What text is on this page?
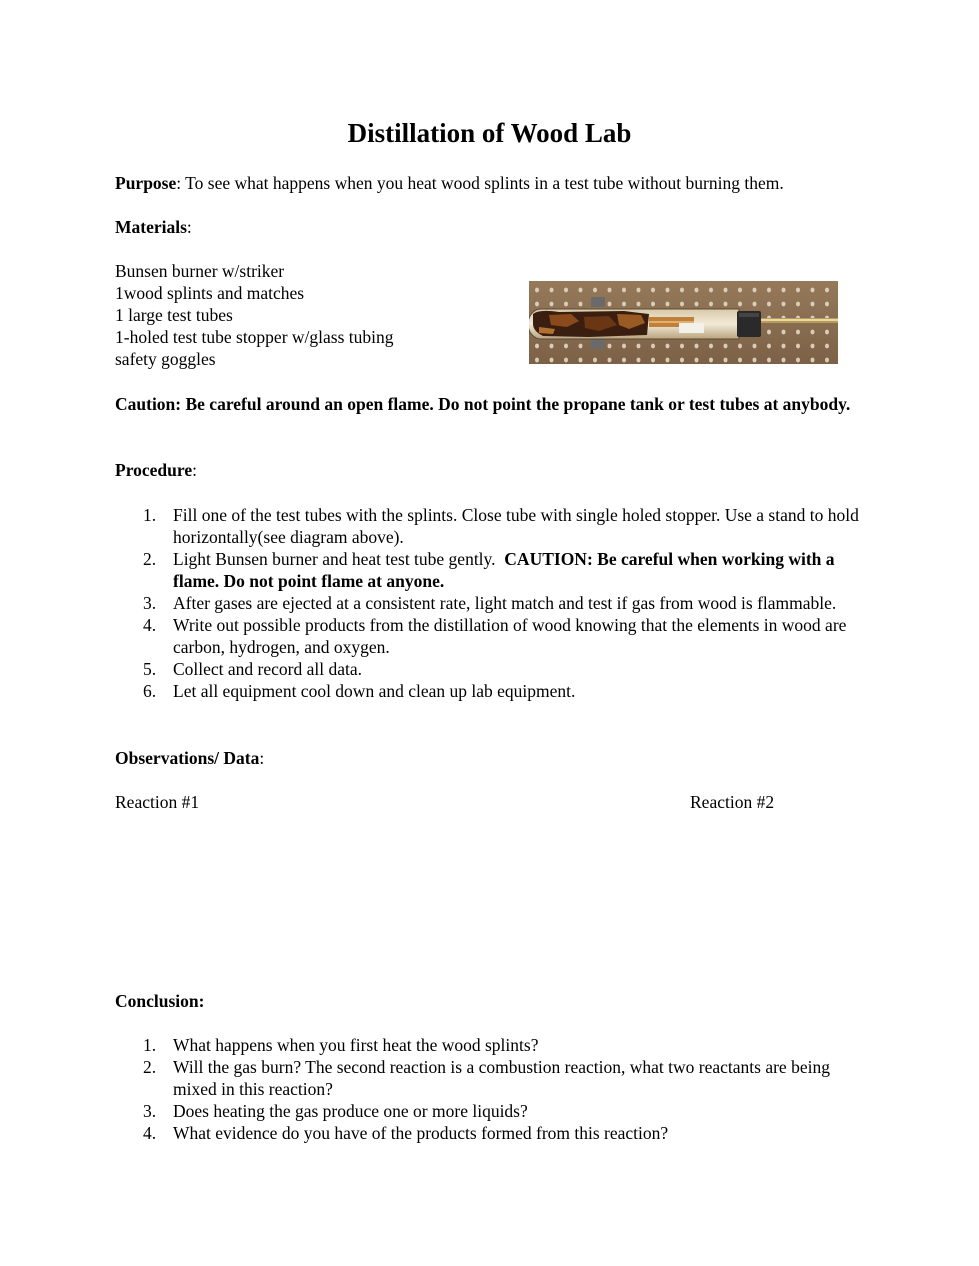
Distillation of Wood Lab
Purpose: To see what happens when you heat wood splints in a test tube without burning them.
Materials:
Bunsen burner w/striker
1wood splints and matches
1 large test tubes
1-holed test tube stopper w/glass tubing
safety goggles
Caution: Be careful around an open flame. Do not point the propane tank or test tubes at anybody.
Procedure:
1. Fill one of the test tubes with the splints. Close tube with single holed stopper. Use a stand to hold horizontally(see diagram above).
2. Light Bunsen burner and heat test tube gently.  CAUTION: Be careful when working with a flame. Do not point flame at anyone.
3. After gases are ejected at a consistent rate, light match and test if gas from wood is flammable.
4. Write out possible products from the distillation of wood knowing that the elements in wood are carbon, hydrogen, and oxygen.
5. Collect and record all data.
6. Let all equipment cool down and clean up lab equipment.
Observations/ Data:
Reaction #1	Reaction #2
Conclusion:
1. What happens when you first heat the wood splints?
2. Will the gas burn? The second reaction is a combustion reaction, what two reactants are being mixed in this reaction?
3. Does heating the gas produce one or more liquids?
4. What evidence do you have of the products formed from this reaction?
